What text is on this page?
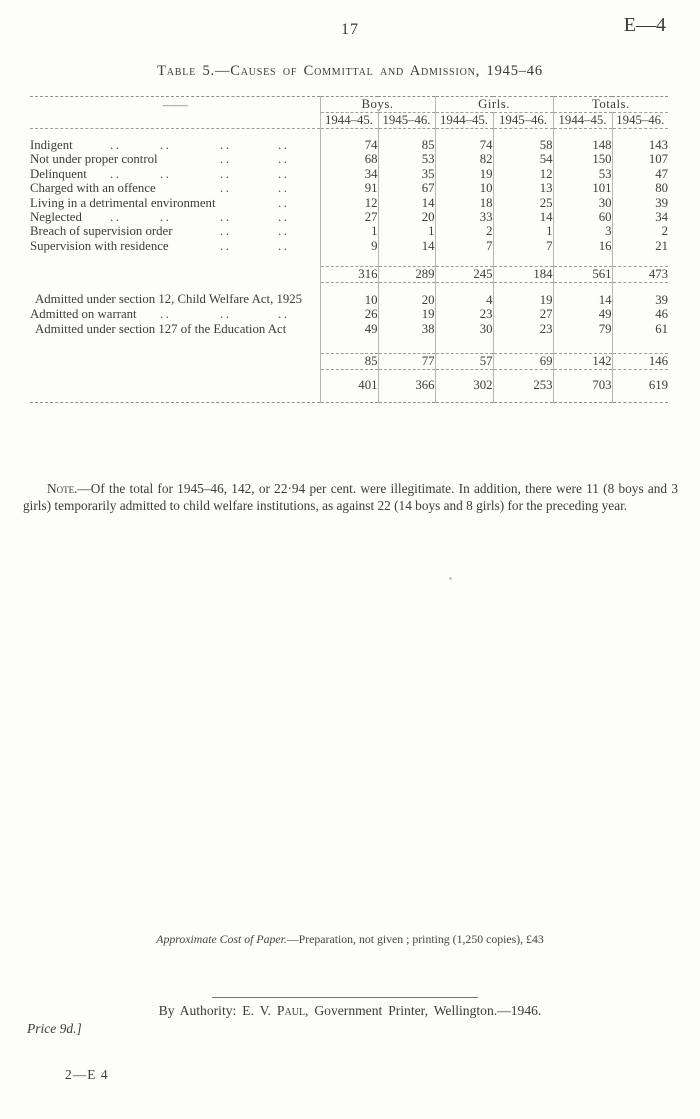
17	E—4
Table 5.—Causes of Committal and Admission, 1945–46
——	Boys.		Girls.		Totals.	
	1944–45.	1945–46.	1944–45.	1945–46.	1944–45.	1945–46.

Indigent .. .. .. ..	74	85	74	58	148	143

Not under proper control .. ..	68	53	82	54	150	107

Delinquent .. .. .. ..	34	35	19	12	53	47

Charged with an offence .. ..	91	67	10	13	101	80

Living in a detrimental environment ..	12	14	18	25	30	39

Neglected .. .. .. ..	27	20	33	14	60	34

Breach of supervision order .. ..	1	1	2	1	3	2

Supervision with residence .. ..	9	14	7	7	16	21
	316	289	245	184	561	473

Admitted under section 12, Child Welfare Act, 1925	10	20	4	19	14	39

Admitted on warrant .. .. ..	26	19	23	27	49	46

Admitted under section 127 of the Education Act	49	38	30	23	79	61
	85	77	57	69	142	146
	401	366	302	253	703	619

Note.—Of the total for 1945–46, 142, or 22·94 per cent. were illegitimate. In addition, there were 11 (8 boys and 3 girls) temporarily admitted to child welfare institutions, as against 22 (14 boys and 8 girls) for the preceding year.

Approximate Cost of Paper.—Preparation, not given ; printing (1,250 copies), £43
By Authority: E. V. Paul, Government Printer, Wellington.—1946.
Price 9d.]
2—E 4
